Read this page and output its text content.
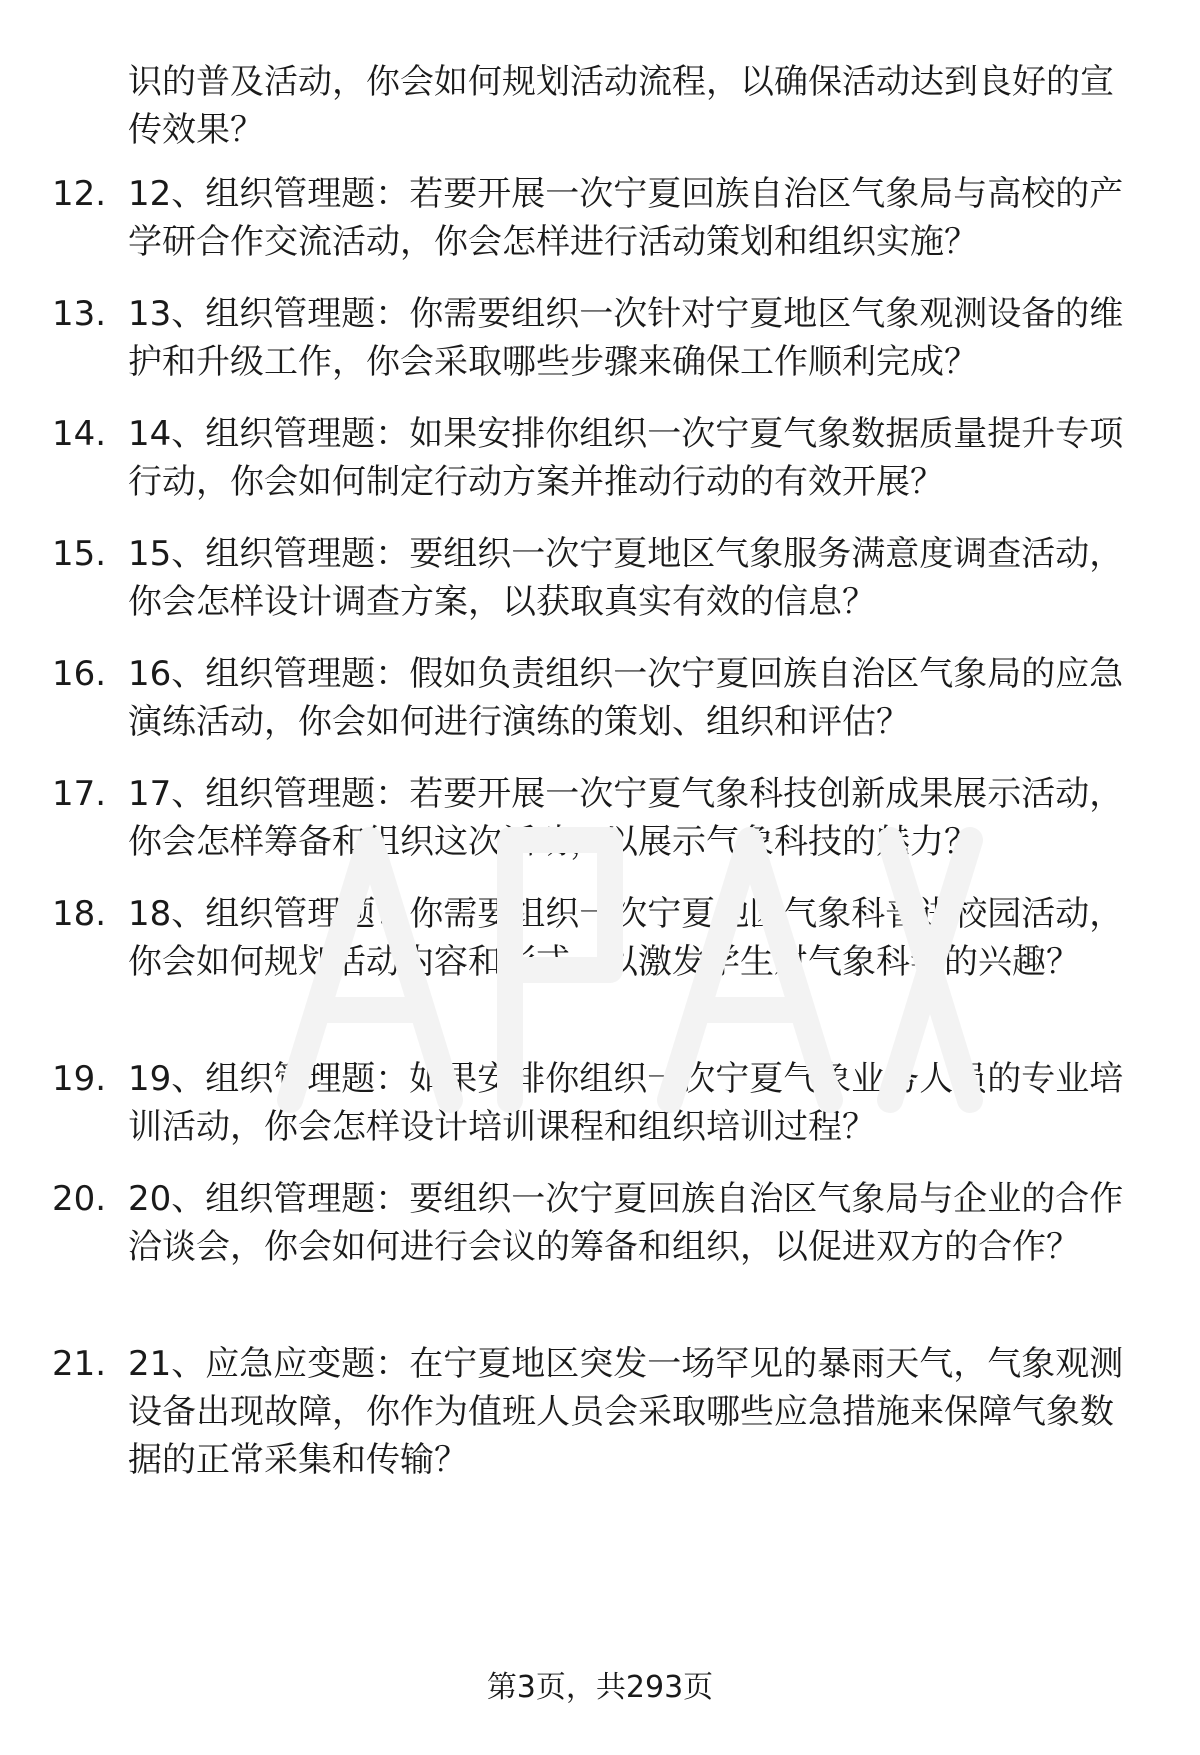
识的普及活动，你会如何规划活动流程，以确保活动达到良好的宣传效果？
12. 12、组织管理题：若要开展一次宁夏回族自治区气象局与高校的产学研合作交流活动，你会怎样进行活动策划和组织实施？
13. 13、组织管理题：你需要组织一次针对宁夏地区气象观测设备的维护和升级工作，你会采取哪些步骤来确保工作顺利完成？
14. 14、组织管理题：如果安排你组织一次宁夏气象数据质量提升专项行动，你会如何制定行动方案并推动行动的有效开展？
15. 15、组织管理题：要组织一次宁夏地区气象服务满意度调查活动，你会怎样设计调查方案，以获取真实有效的信息？
16. 16、组织管理题：假如负责组织一次宁夏回族自治区气象局的应急演练活动，你会如何进行演练的策划、组织和评估？
17. 17、组织管理题：若要开展一次宁夏气象科技创新成果展示活动，你会怎样筹备和组织这次活动，以展示气象科技的魅力？
18. 18、组织管理题：你需要组织一次宁夏地区气象科普进校园活动，你会如何规划活动内容和形式，以激发学生对气象科学的兴趣？
19. 19、组织管理题：如果安排你组织一次宁夏气象业务人员的专业培训活动，你会怎样设计培训课程和组织培训过程？
20. 20、组织管理题：要组织一次宁夏回族自治区气象局与企业的合作洽谈会，你会如何进行会议的筹备和组织，以促进双方的合作？
21. 21、应急应变题：在宁夏地区突发一场罕见的暴雨天气，气象观测设备出现故障，你作为值班人员会采取哪些应急措施来保障气象数据的正常采集和传输？
第3页，共293页
